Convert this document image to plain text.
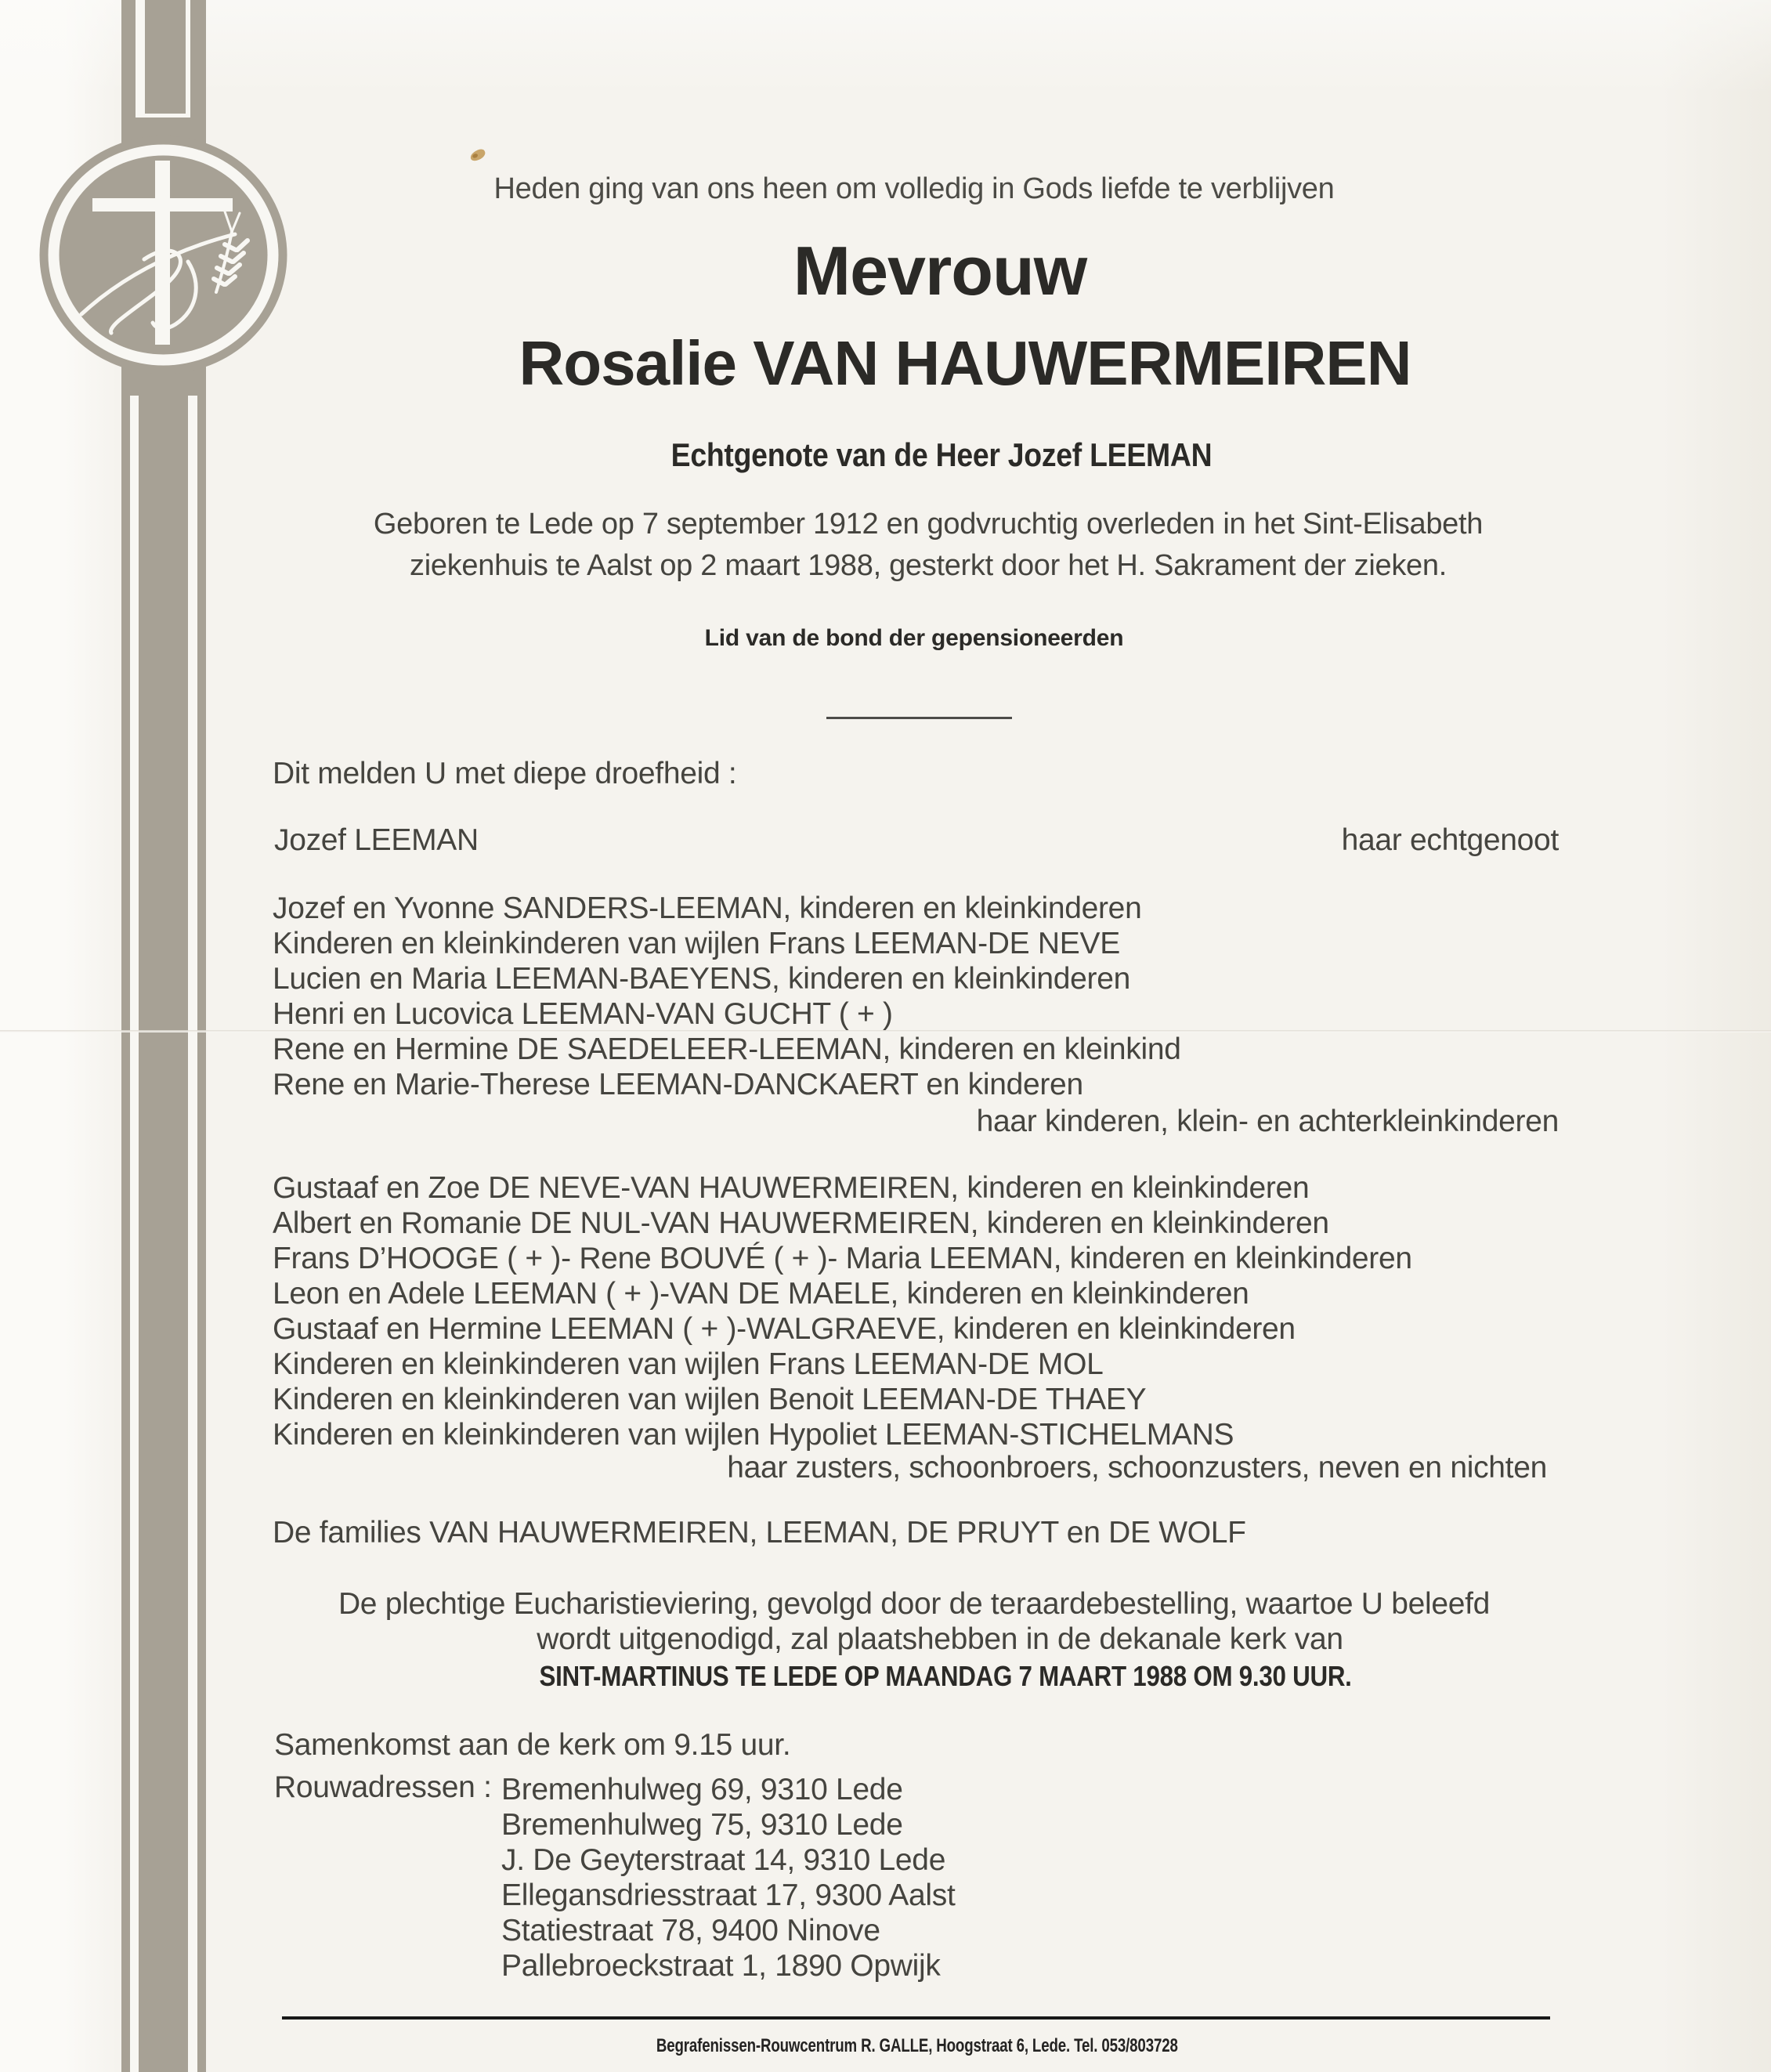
Heden ging van ons heen om volledig in Gods liefde te verblijven
Mevrouw
Rosalie VAN HAUWERMEIREN
Echtgenote van de Heer Jozef LEEMAN
Geboren te Lede op 7 september 1912 en godvruchtig overleden in het Sint-Elisabeth
ziekenhuis te Aalst op 2 maart 1988, gesterkt door het H. Sakrament der zieken.
Lid van de bond der gepensioneerden
Dit melden U met diepe droefheid :
Jozef LEEMAN	haar echtgenoot
Jozef en Yvonne SANDERS-LEEMAN, kinderen en kleinkinderen
Kinderen en kleinkinderen van wijlen Frans LEEMAN-DE NEVE
Lucien en Maria LEEMAN-BAEYENS, kinderen en kleinkinderen
Henri en Lucovica LEEMAN-VAN GUCHT ( + )
Rene en Hermine DE SAEDELEER-LEEMAN, kinderen en kleinkind
Rene en Marie-Therese LEEMAN-DANCKAERT en kinderen
haar kinderen, klein- en achterkleinkinderen
Gustaaf en Zoe DE NEVE-VAN HAUWERMEIREN, kinderen en kleinkinderen
Albert en Romanie DE NUL-VAN HAUWERMEIREN, kinderen en kleinkinderen
Frans D’HOOGE ( + )- Rene BOUVÉ ( + )- Maria LEEMAN, kinderen en kleinkinderen
Leon en Adele LEEMAN ( + )-VAN DE MAELE, kinderen en kleinkinderen
Gustaaf en Hermine LEEMAN ( + )-WALGRAEVE, kinderen en kleinkinderen
Kinderen en kleinkinderen van wijlen Frans LEEMAN-DE MOL
Kinderen en kleinkinderen van wijlen Benoit LEEMAN-DE THAEY
Kinderen en kleinkinderen van wijlen Hypoliet LEEMAN-STICHELMANS
haar zusters, schoonbroers, schoonzusters, neven en nichten
De families VAN HAUWERMEIREN, LEEMAN, DE PRUYT en DE WOLF
De plechtige Eucharistieviering, gevolgd door de teraardebestelling, waartoe U beleefd
wordt uitgenodigd, zal plaatshebben in de dekanale kerk van
SINT-MARTINUS TE LEDE OP MAANDAG 7 MAART 1988 OM 9.30 UUR.
Samenkomst aan de kerk om 9.15 uur.
Rouwadressen : Bremenhulweg 69, 9310 Lede
Bremenhulweg 75, 9310 Lede
J. De Geyterstraat 14, 9310 Lede
Ellegansdriesstraat 17, 9300 Aalst
Statiestraat 78, 9400 Ninove
Pallebroeckstraat 1, 1890 Opwijk
Begrafenissen-Rouwcentrum R. GALLE, Hoogstraat 6, Lede. Tel. 053/803728
